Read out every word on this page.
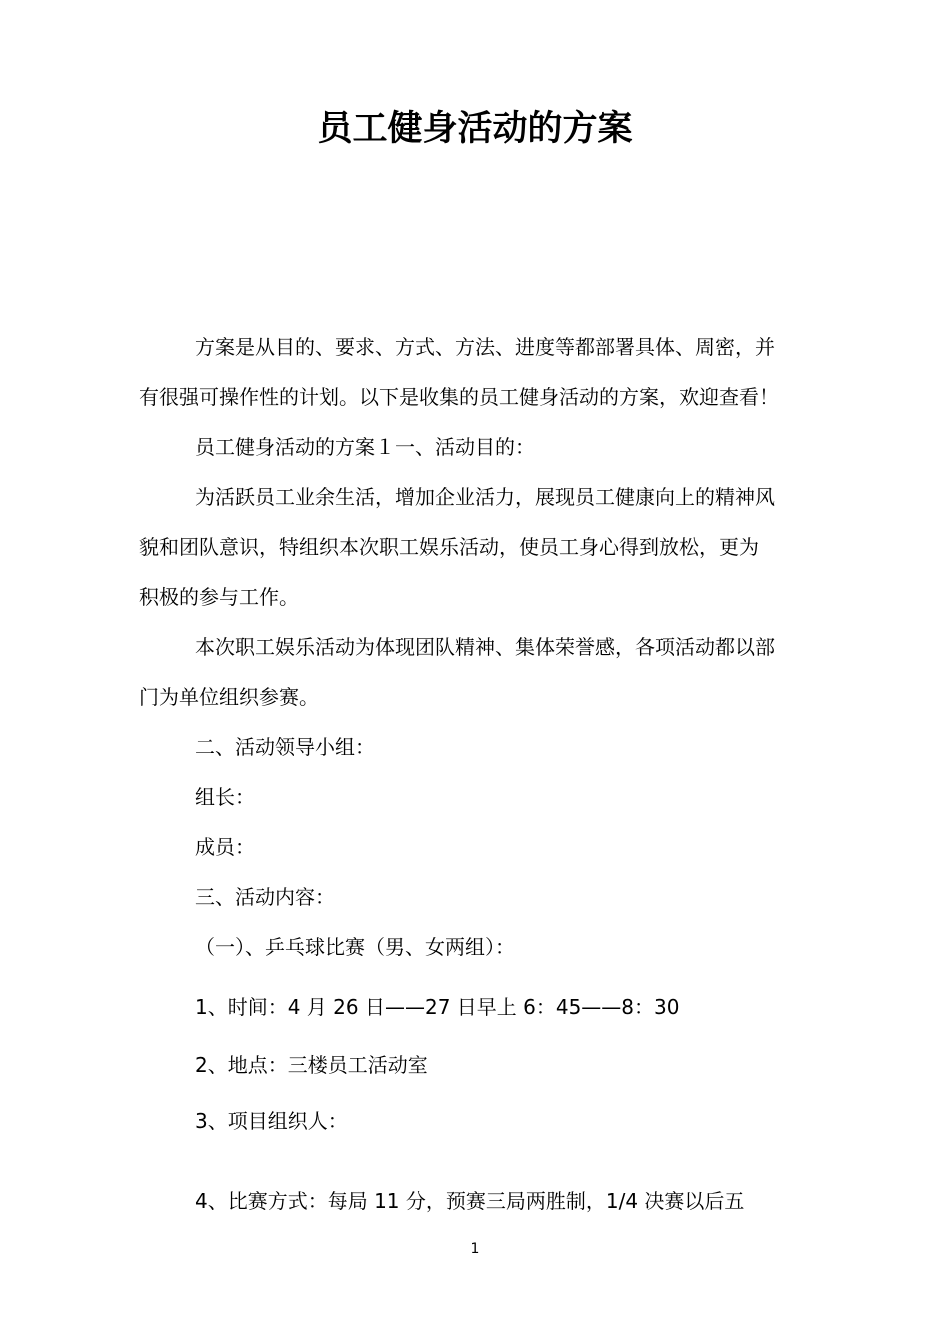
员工健身活动的方案

方案是从目的、要求、方式、方法、进度等都部署具体、周密，并

有很强可操作性的计划。以下是收集的员工健身活动的方案，欢迎查看！

员工健身活动的方案１一、活动目的：

为活跃员工业余生活，增加企业活力，展现员工健康向上的精神风

貌和团队意识，特组织本次职工娱乐活动，使员工身心得到放松，更为

积极的参与工作。

本次职工娱乐活动为体现团队精神、集体荣誉感，各项活动都以部

门为单位组织参赛。

二、活动领导小组：

组长：

成员：

三、活动内容：

（一）、乒乓球比赛（男、女两组）：

1、时间：4 月 26 日——27 日早上 6：45——8：30

2、地点：三楼员工活动室

3、项目组织人：

4、比赛方式：每局 11 分，预赛三局两胜制，1/4 决赛以后五

1
